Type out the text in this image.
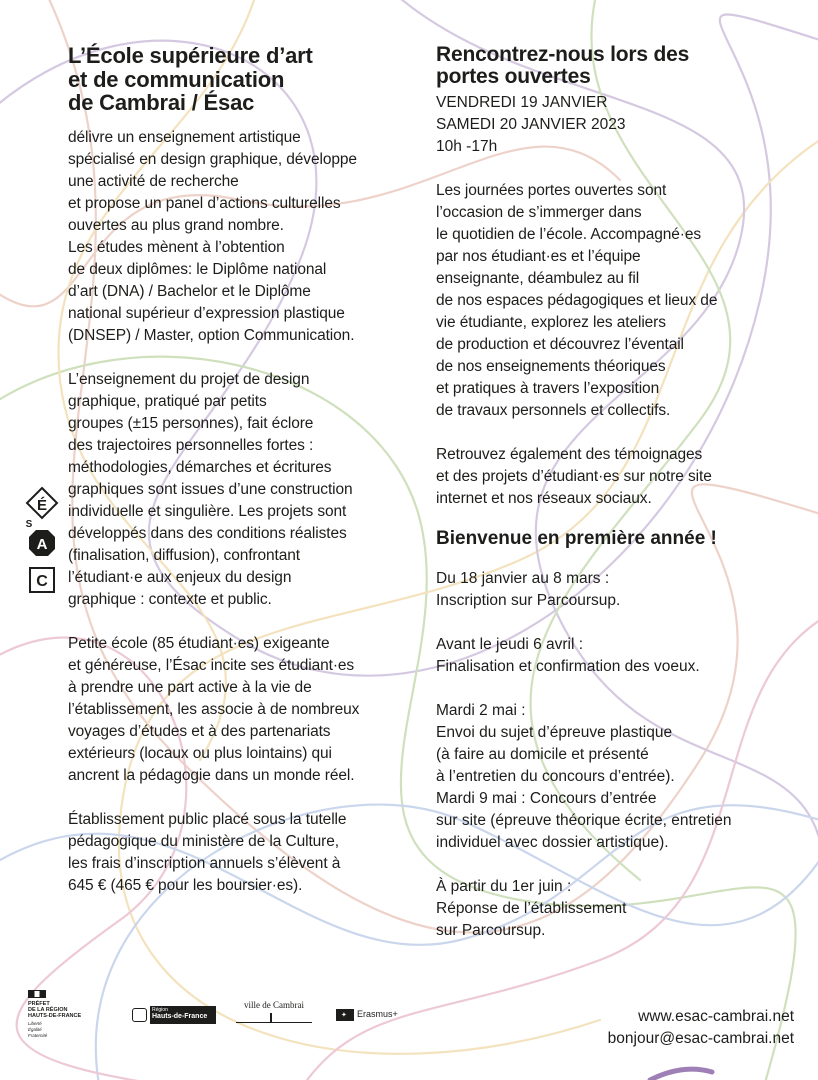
L’École supérieure d’art
et de communication
de Cambrai / Ésac

délivre un enseignement artistique
spécialisé en design graphique, développe
une activité de recherche
et propose un panel d’actions culturelles
ouvertes au plus grand nombre.
Les études mènent à l’obtention
de deux diplômes: le Diplôme national
d’art (DNA) / Bachelor et le Diplôme
national supérieur d’expression plastique
(DNSEP) / Master, option Communication.

L’enseignement du projet de design
graphique, pratiqué par petits
groupes (±15 personnes), fait éclore
des trajectoires personnelles fortes :
méthodologies, démarches et écritures
graphiques sont issues d’une construction
individuelle et singulière. Les projets sont
développés dans des conditions réalistes
(finalisation, diffusion), confrontant
l’étudiant·e aux enjeux du design
graphique : contexte et public.

Petite école (85 étudiant·es) exigeante
et généreuse, l’Ésac incite ses étudiant·es
à prendre une part active à la vie de
l’établissement, les associe à de nombreux
voyages d’études et à des partenariats
extérieurs (locaux ou plus lointains) qui
ancrent la pédagogie dans un monde réel.

Établissement public placé sous la tutelle
pédagogique du ministère de la Culture,
les frais d’inscription annuels s’élèvent à
645 € (465 € pour les boursier·es).

É
S
A
C
Rencontrez-nous lors des
portes ouvertes

VENDREDI 19 JANVIER
SAMEDI 20 JANVIER 2023
10h -17h

Les journées portes ouvertes sont
l’occasion de s’immerger dans
le quotidien de l’école. Accompagné·es
par nos étudiant·es et l’équipe
enseignante, déambulez au fil
de nos espaces pédagogiques et lieux de
vie étudiante, explorez les ateliers
de production et découvrez l’éventail
de nos enseignements théoriques
et pratiques à travers l’exposition
de travaux personnels et collectifs.

Retrouvez également des témoignages
et des projets d’étudiant·es sur notre site
internet et nos réseaux sociaux.

Bienvenue en première année !

Du 18 janvier au 8 mars :

Inscription sur Parcoursup.

Avant le jeudi 6 avril :

Finalisation et confirmation des voeux.

Mardi 2 mai :

Envoi du sujet d’épreuve plastique
(à faire au domicile et présenté
à l’entretien du concours d’entrée).
Mardi 9 mai : Concours d’entrée
sur site (épreuve théorique écrite, entretien
individuel avec dossier artistique).

À partir du 1er juin :

Réponse de l’établissement
sur Parcoursup.

PRÉFET
DE LA RÉGION
HAUTS-DE-FRANCE
Liberté
Égalité
Fraternité
Région
Hauts-de-France
ville de Cambrai
✦Erasmus+	www.esac-cambrai.net
bonjour@esac-cambrai.net
